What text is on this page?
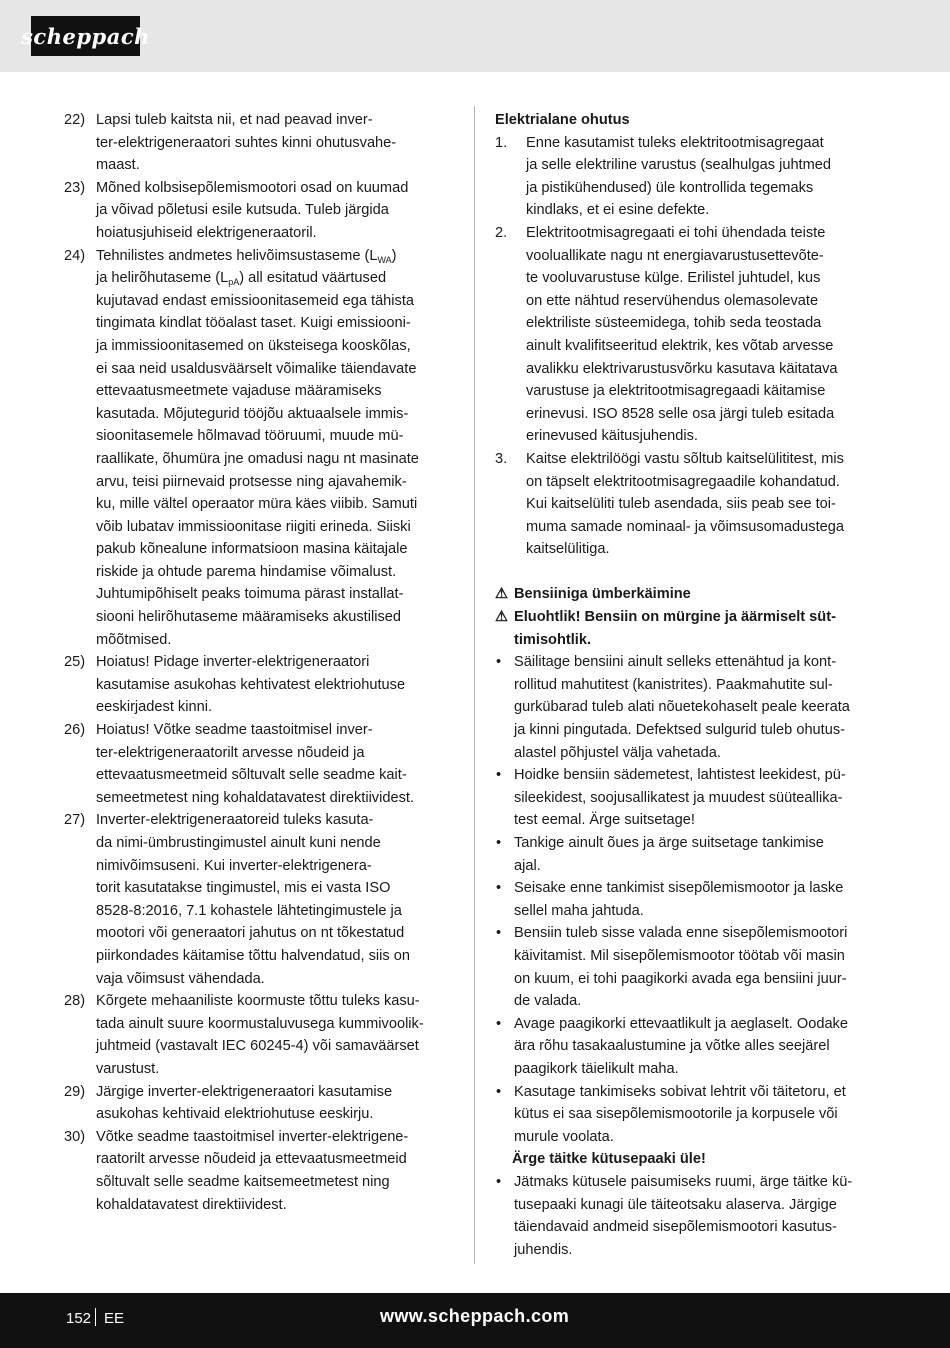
scheppach
22) Lapsi tuleb kaitsta nii, et nad peavad inver-
ter-elektrigeneraatori suhtes kinni ohutusvahe-
maast.
23) Mõned kolbsisepõlemismootori osad on kuumad
ja võivad põletusi esile kutsuda. Tuleb järgida
hoiatusjuhiseid elektrigeneraatoril.
24) Tehnilistes andmetes helivõimsustaseme $(L_{WA})$
ja helirõhutaseme $(L_{pA})$ all esitatud väärtused
kujutavad endast emissioonitasemeid ega tähista
tingimata kindlat tööalast taset. Kuigi emissiooni-
ja immissioonitasemed on üksteisega kooskõlas,
ei saa neid usaldusväärselt võimalike täiendavate
ettevaatusmeetmete vajaduse määramiseks
kasutada. Mõjutegurid tööjõu aktuaalsele immis-
sioonitasemele hõlmavad tööruumi, muude mü-
raallikate, õhumüra jne omadusi nagu nt masinate
arvu, teisi piirnevaid protsesse ning ajavahemik-
ku, mille vältel operaator müra käes viibib. Samuti
võib lubatav immissioonitase riigiti erineda. Siiski
pakub kõnealune informatsioon masina käitajale
riskide ja ohtude parema hindamise võimalust.
Juhtumipõhiselt peaks toimuma pärast installat-
siooni helirõhutaseme määramiseks akustilised
mõõtmised.
25) Hoiatus! Pidage inverter-elektrigeneraatori
kasutamise asukohas kehtivatest elektriohutuse
eeskirjadest kinni.
26) Hoiatus! Võtke seadme taastoitmisel inver-
ter-elektrigeneraatorilt arvesse nõudeid ja
ettevaatusmeetmeid sõltuvalt selle seadme kait-
semeetmetest ning kohaldatavatest direktiividest.
27) Inverter-elektrigeneraatoreid tuleks kasuta-
da nimi-ümbrustingimustel ainult kuni nende
nimivõimsuseni. Kui inverter-elektrigenera-
torit kasutatakse tingimustel, mis ei vasta ISO
8528-8:2016, 7.1 kohastele lähtetingimustele ja
mootori või generaatori jahutus on nt tõkestatud
piirkondades käitamise tõttu halvendatud, siis on
vaja võimsust vähendada.
28) Kõrgete mehaaniliste koormuste tõttu tuleks kasu-
tada ainult suure koormustaluvusega kummivoolik-
juhtmeid (vastavalt IEC 60245-4) või samaväärset
varustust.
29) Järgige inverter-elektrigeneraatori kasutamise
asukohas kehtivaid elektriohutuse eeskirju.
30) Võtke seadme taastoitmisel inverter-elektrigene-
raatorilt arvesse nõudeid ja ettevaatusmeetmeid
sõltuvalt selle seadme kaitsemeetmetest ning
kohaldatavatest direktiividest.
Elektrialane ohutus
1.	Enne kasutamist tuleks elektritootmisagregaat
ja selle elektriline varustus (sealhulgas juhtmed
ja pistikühendused) üle kontrollida tegemaks
kindlaks, et ei esine defekte.
2.	Elektritootmisagregaati ei tohi ühendada teiste
vooluallikate nagu nt energiavarustusettevõte-
te vooluvarustuse külge. Erilistel juhtudel, kus
on ette nähtud reservühendus olemasolevate
elektriliste süsteemidega, tohib seda teostada
ainult kvalifitseeritud elektrik, kes võtab arvesse
avalikku elektrivarustusvõrku kasutava käitatava
varustuse ja elektritootmisagregaadi käitamise
erinevusi. ISO 8528 selle osa järgi tuleb esitada
erinevused käitusjuhendis.
3.	Kaitse elektrilöögi vastu sõltub kaitselülititest, mis
on täpselt elektritootmisagregaadile kohandatud.
Kui kaitselüliti tuleb asendada, siis peab see toi-
muma samade nominaal- ja võimsusomadustega
kaitselülitiga.
⚠ Bensiiniga ümberkäimine
⚠ Eluohtlik! Bensiin on mürgine ja äärmiselt süt-
timisohtlik.
• Säilitage bensiini ainult selleks ettenähtud ja kont-
rollitud mahutitest (kanistrites). Paakmahutite sul-
gurkübarad tuleb alati nõuetekohaselt peale keerata
ja kinni pingutada. Defektsed sulgurid tuleb ohutus-
alastel põhjustel välja vahetada.
• Hoidke bensiin sädemetest, lahtistest leekidest, pü-
sileekidest, soojusallikatest ja muudest süüteallika-
test eemal. Ärge suitsetage!
• Tankige ainult õues ja ärge suitsetage tankimise
ajal.
• Seisake enne tankimist sisepõlemismootor ja laske
sellel maha jahtuda.
• Bensiin tuleb sisse valada enne sisepõlemismootori
käivitamist. Mil sisepõlemismootor töötab või masin
on kuum, ei tohi paagikorki avada ega bensiini juur-
de valada.
• Avage paagikorki ettevaatlikult ja aeglaselt. Oodake
ära rõhu tasakaalustumine ja võtke alles seejärel
paagikork täielikult maha.
• Kasutage tankimiseks sobivat lehtrit või täitetoru, et
kütus ei saa sisepõlemismootorile ja korpusele või
murule voolata.
Ärge täitke kütusepaaki üle!
• Jätmaks kütusele paisumiseks ruumi, ärge täitke kü-
tusepaaki kunagi üle täiteotsaku alaserva. Järgige
täiendavaid andmeid sisepõlemismootori kasutus-
juhendis.
152 EE	www.scheppach.com
